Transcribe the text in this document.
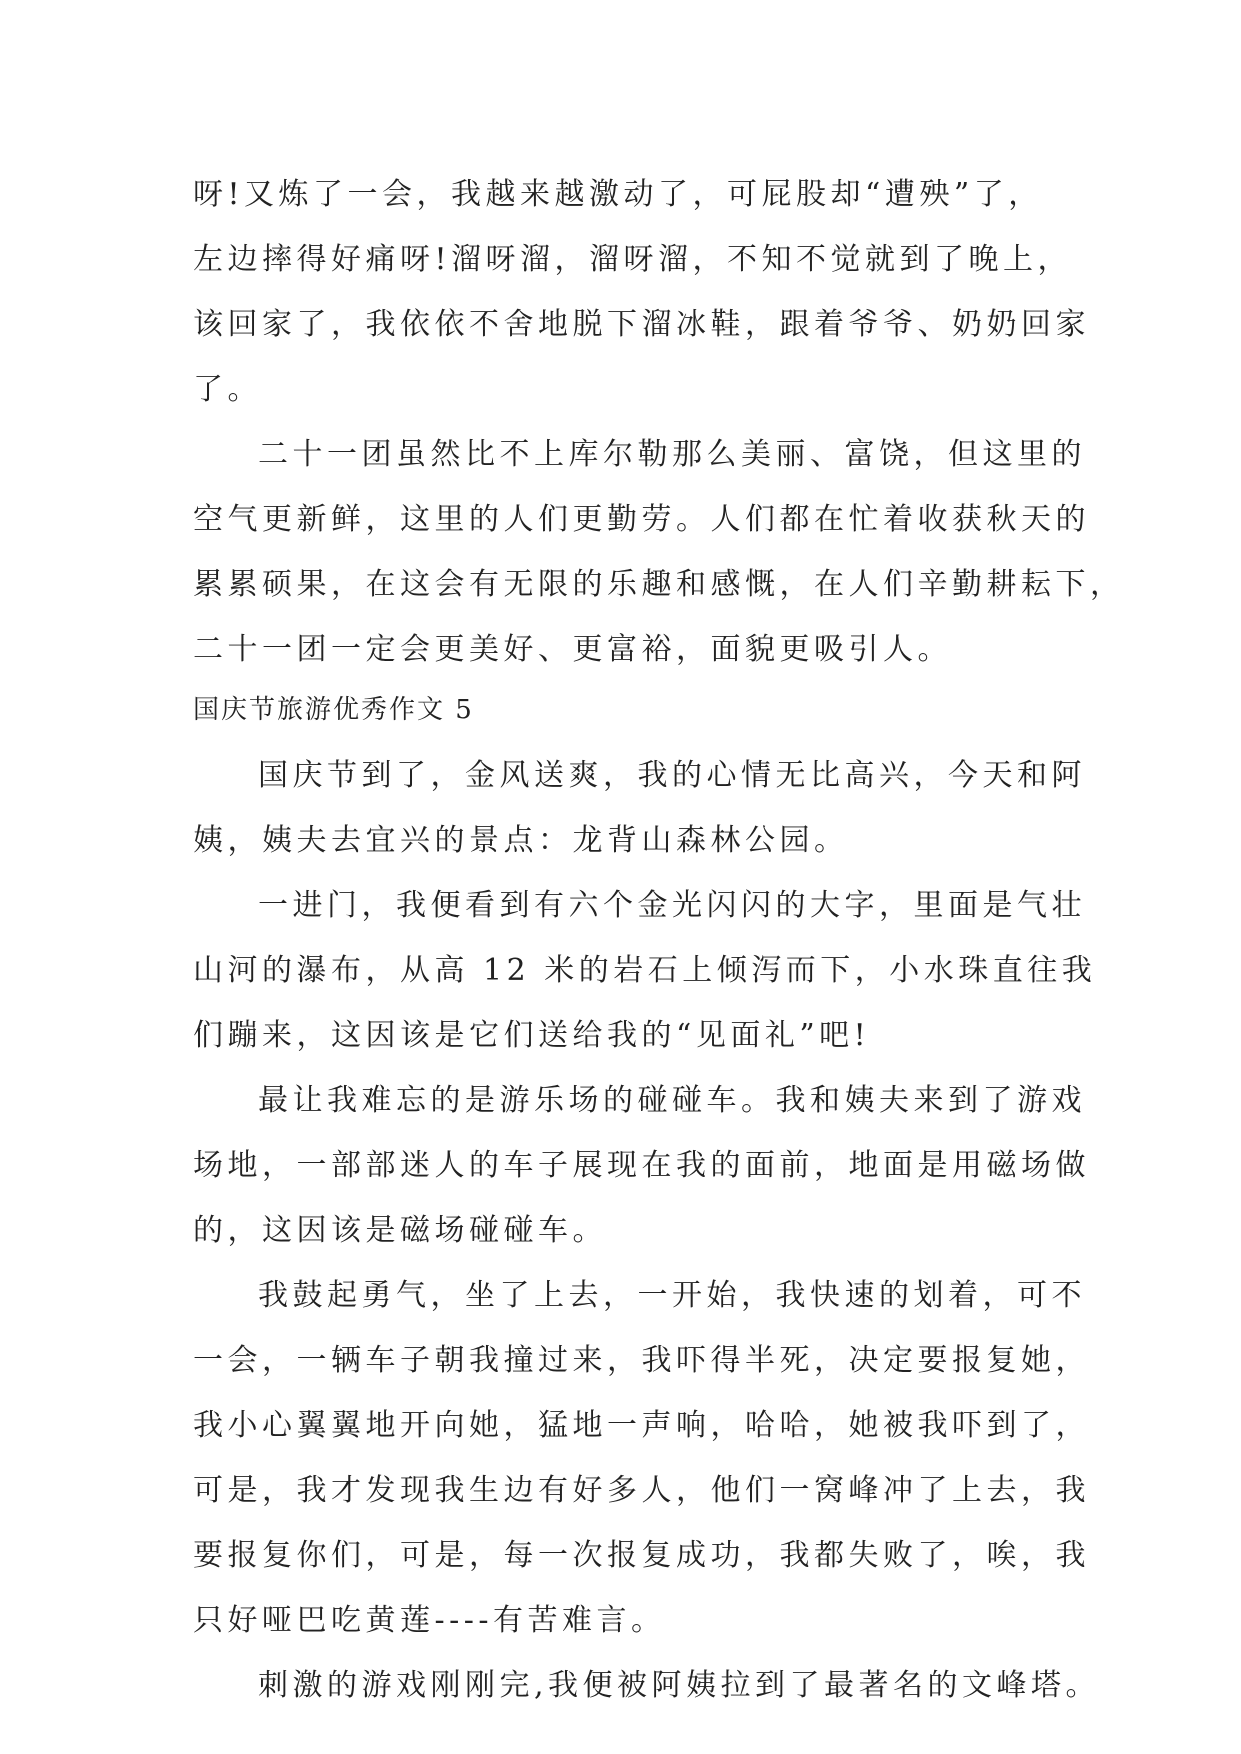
呀!又炼了一会，我越来越激动了，可屁股却“遭殃”了，
左边摔得好痛呀!溜呀溜，溜呀溜，不知不觉就到了晚上，
该回家了，我依依不舍地脱下溜冰鞋，跟着爷爷、奶奶回家
了。
二十一团虽然比不上库尔勒那么美丽、富饶，但这里的
空气更新鲜，这里的人们更勤劳。人们都在忙着收获秋天的
累累硕果，在这会有无限的乐趣和感慨，在人们辛勤耕耘下，
二十一团一定会更美好、更富裕，面貌更吸引人。
国庆节旅游优秀作文 5
国庆节到了，金风送爽，我的心情无比高兴，今天和阿
姨，姨夫去宜兴的景点：龙背山森林公园。
一进门，我便看到有六个金光闪闪的大字，里面是气壮
山河的瀑布，从高 12 米的岩石上倾泻而下，小水珠直往我
们蹦来，这因该是它们送给我的“见面礼”吧!
最让我难忘的是游乐场的碰碰车。我和姨夫来到了游戏
场地，一部部迷人的车子展现在我的面前，地面是用磁场做
的，这因该是磁场碰碰车。
我鼓起勇气，坐了上去，一开始，我快速的划着，可不
一会，一辆车子朝我撞过来，我吓得半死，决定要报复她，
我小心翼翼地开向她，猛地一声响，哈哈，她被我吓到了，
可是，我才发现我生边有好多人，他们一窝峰冲了上去，我
要报复你们，可是，每一次报复成功，我都失败了，唉，我
只好哑巴吃黄莲----有苦难言。
刺激的游戏刚刚完,我便被阿姨拉到了最著名的文峰塔。
